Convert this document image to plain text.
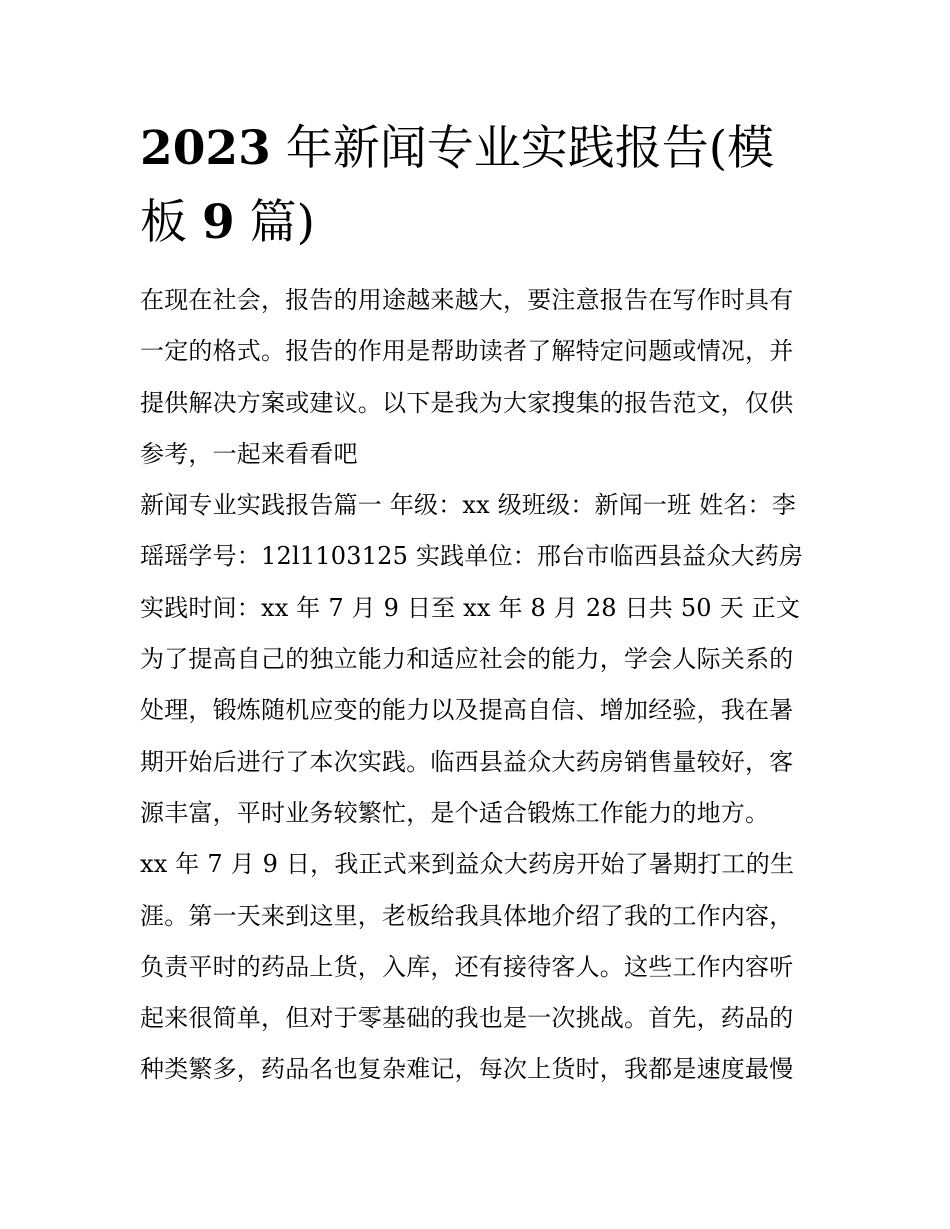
2023 年新闻专业实践报告(模
板 9 篇)
在现在社会，报告的用途越来越大，要注意报告在写作时具有
一定的格式。报告的作用是帮助读者了解特定问题或情况，并
提供解决方案或建议。以下是我为大家搜集的报告范文，仅供
参考，一起来看看吧
新闻专业实践报告篇一 年级：xx 级班级：新闻一班 姓名：李
瑶瑶学号：12l1103125 实践单位：邢台市临西县益众大药房
实践时间：xx 年 7 月 9 日至 xx 年 8 月 28 日共 50 天 正文
为了提高自己的独立能力和适应社会的能力，学会人际关系的
处理，锻炼随机应变的能力以及提高自信、增加经验，我在暑
期开始后进行了本次实践。临西县益众大药房销售量较好，客
源丰富，平时业务较繁忙，是个适合锻炼工作能力的地方。
xx 年 7 月 9 日，我正式来到益众大药房开始了暑期打工的生
涯。第一天来到这里，老板给我具体地介绍了我的工作内容，
负责平时的药品上货，入库，还有接待客人。这些工作内容听
起来很简单，但对于零基础的我也是一次挑战。首先，药品的
种类繁多，药品名也复杂难记，每次上货时，我都是速度最慢
